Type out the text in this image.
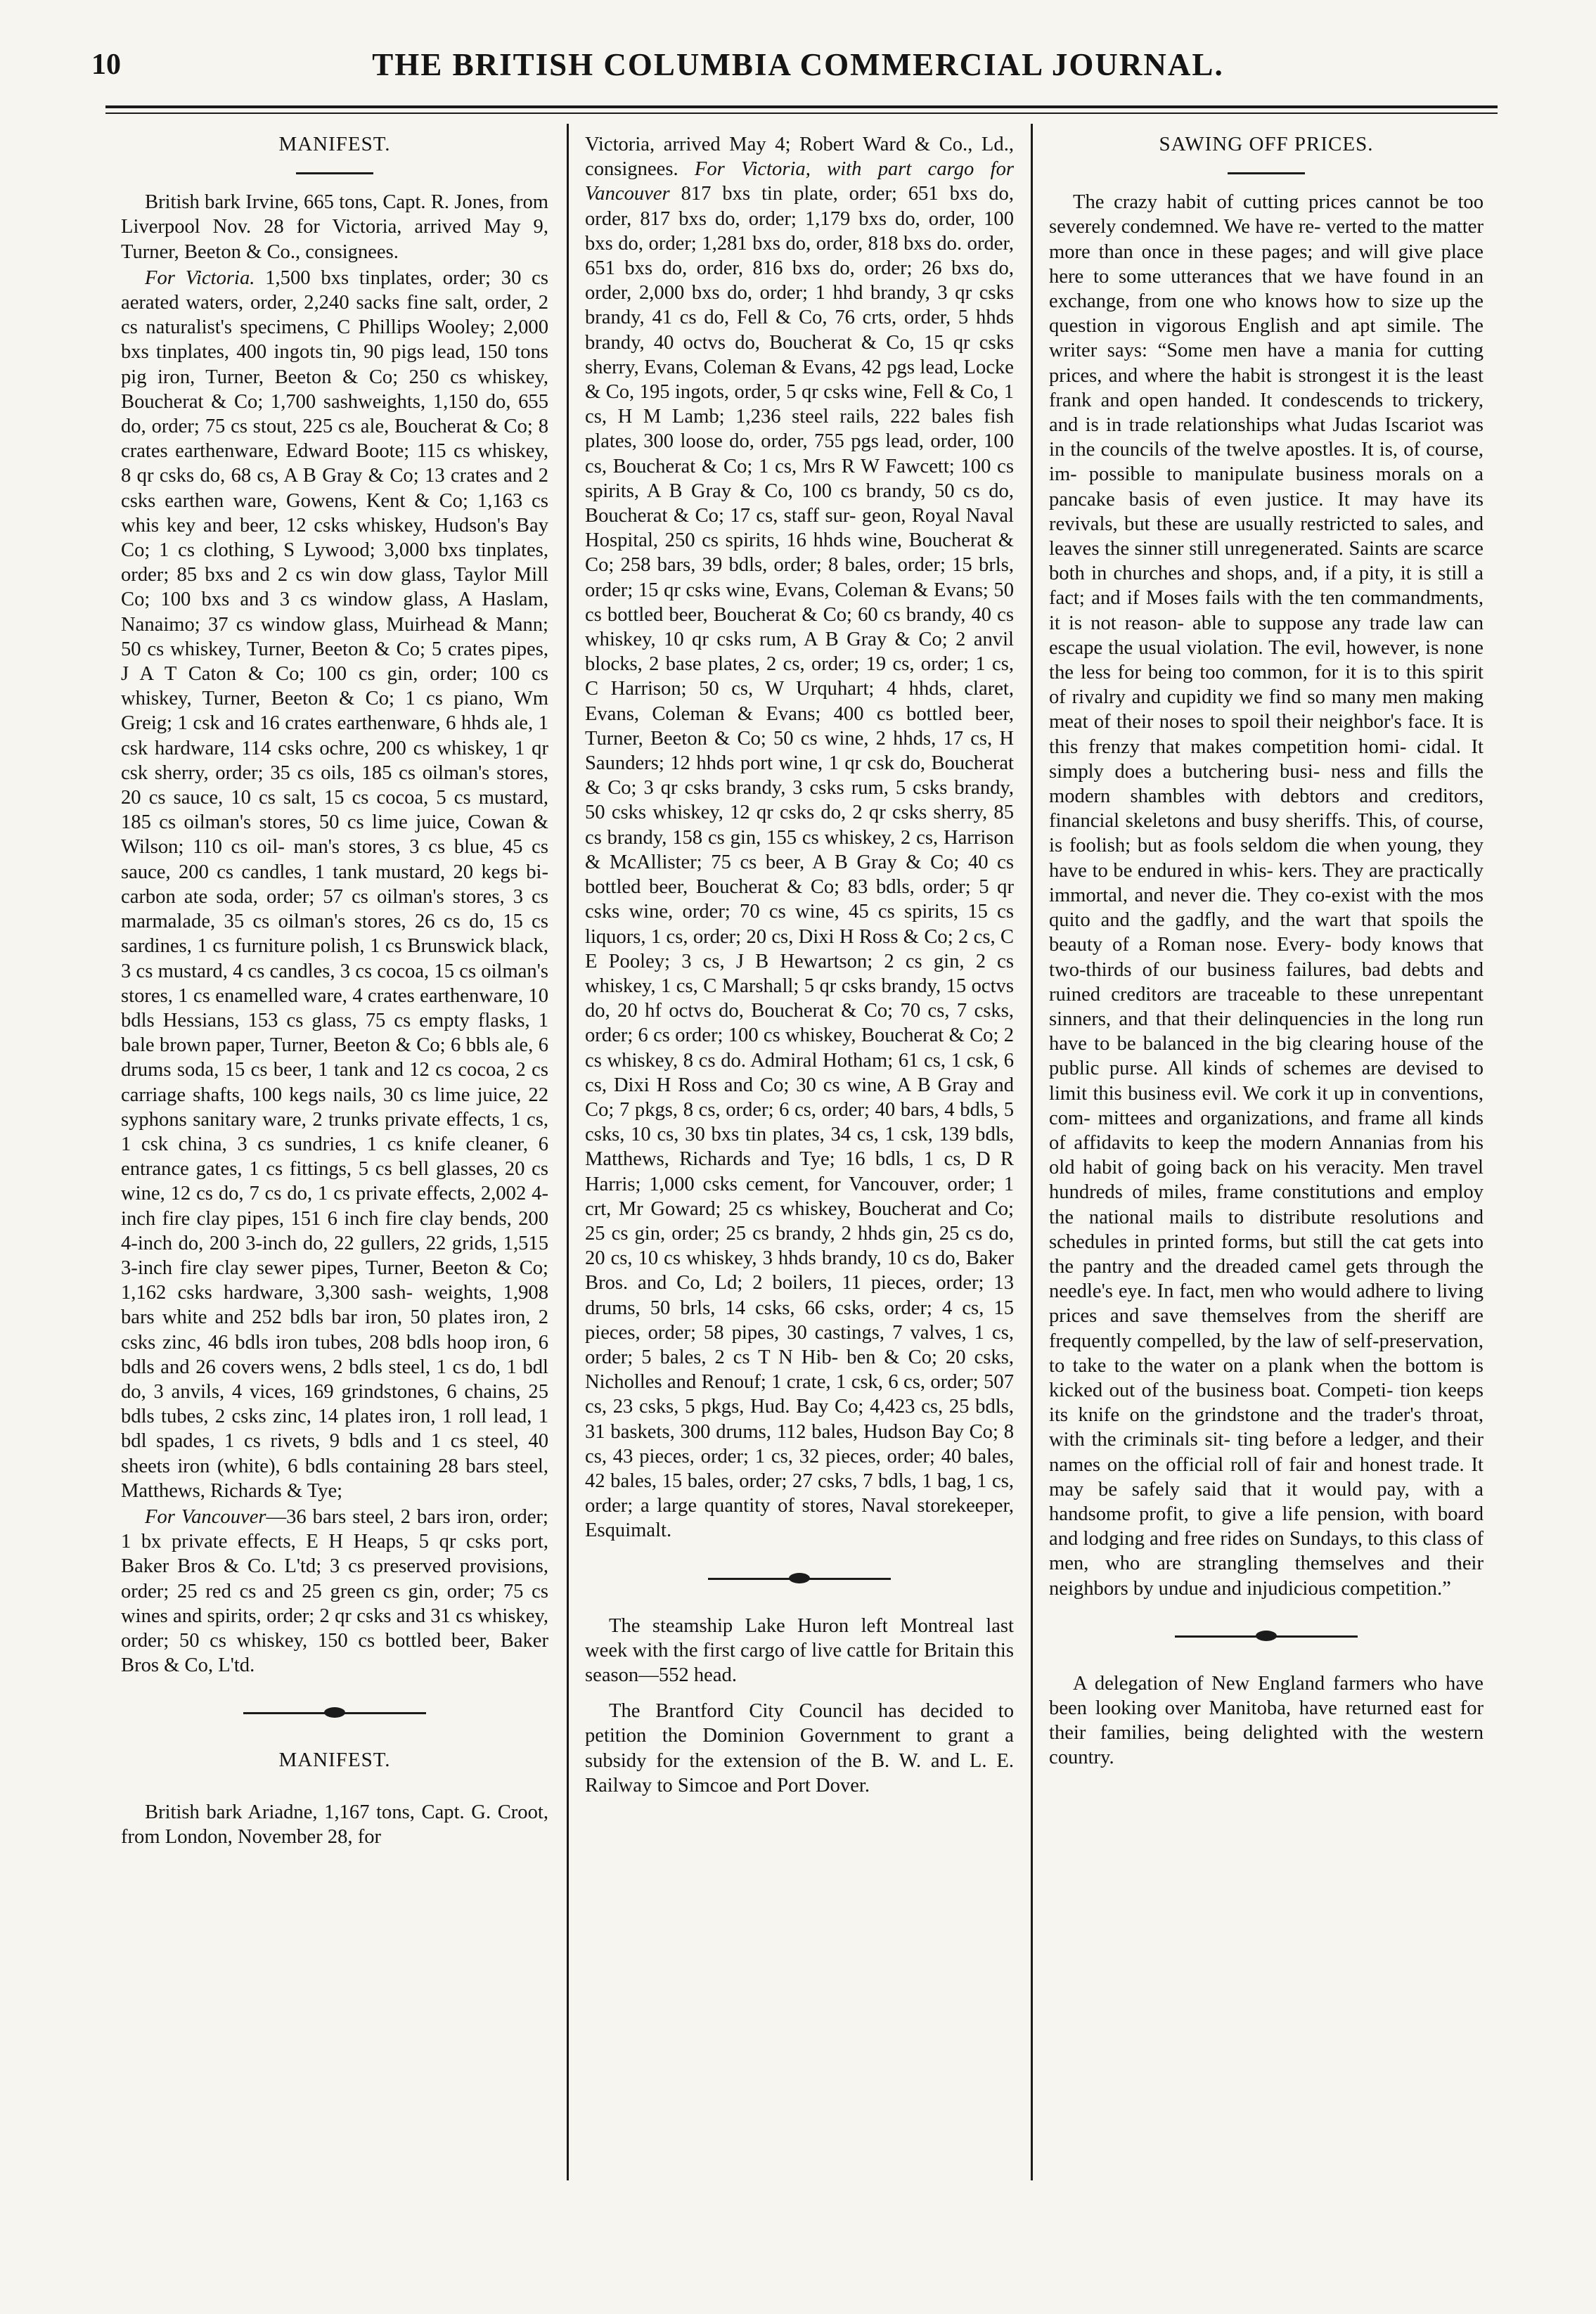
10	THE BRITISH COLUMBIA COMMERCIAL JOURNAL.
MANIFEST.

British bark Irvine, 665 tons, Capt. R. Jones, from Liverpool Nov. 28 for Victoria, arrived May 9, Turner, Beeton & Co., consignees.

For Victoria. 1,500 bxs tinplates, order; 30 cs aerated waters, order, 2,240 sacks fine salt, order, 2 cs naturalist's specimens, C Phillips Wooley; 2,000 bxs tinplates, 400 ingots tin, 90 pigs lead, 150 tons pig iron, Turner, Beeton & Co; 250 cs whiskey, Boucherat & Co; 1,700 sashweights, 1,150 do, 655 do, order; 75 cs stout, 225 cs ale, Boucherat & Co; 8 crates earthenware, Edward Boote; 115 cs whiskey, 8 qr csks do, 68 cs, A B Gray & Co; 13 crates and 2 csks earthen ware, Gowens, Kent & Co; 1,163 cs whis key and beer, 12 csks whiskey, Hudson's Bay Co; 1 cs clothing, S Lywood; 3,000 bxs tinplates, order; 85 bxs and 2 cs win dow glass, Taylor Mill Co; 100 bxs and 3 cs window glass, A Haslam, Nanaimo; 37 cs window glass, Muirhead & Mann; 50 cs whiskey, Turner, Beeton & Co; 5 crates pipes, J A T Caton & Co; 100 cs gin, order; 100 cs whiskey, Turner, Beeton & Co; 1 cs piano, Wm Greig; 1 csk and 16 crates earthenware, 6 hhds ale, 1 csk hardware, 114 csks ochre, 200 cs whiskey, 1 qr csk sherry, order; 35 cs oils, 185 cs oilman's stores, 20 cs sauce, 10 cs salt, 15 cs cocoa, 5 cs mustard, 185 cs oilman's stores, 50 cs lime juice, Cowan & Wilson; 110 cs oil- man's stores, 3 cs blue, 45 cs sauce, 200 cs candles, 1 tank mustard, 20 kegs bi-carbon ate soda, order; 57 cs oilman's stores, 3 cs marmalade, 35 cs oilman's stores, 26 cs do, 15 cs sardines, 1 cs furniture polish, 1 cs Brunswick black, 3 cs mustard, 4 cs candles, 3 cs cocoa, 15 cs oilman's stores, 1 cs enamelled ware, 4 crates earthenware, 10 bdls Hessians, 153 cs glass, 75 cs empty flasks, 1 bale brown paper, Turner, Beeton & Co; 6 bbls ale, 6 drums soda, 15 cs beer, 1 tank and 12 cs cocoa, 2 cs carriage shafts, 100 kegs nails, 30 cs lime juice, 22 syphons sanitary ware, 2 trunks private effects, 1 cs, 1 csk china, 3 cs sundries, 1 cs knife cleaner, 6 entrance gates, 1 cs fittings, 5 cs bell glasses, 20 cs wine, 12 cs do, 7 cs do, 1 cs private effects, 2,002 4-inch fire clay pipes, 151 6 inch fire clay bends, 200 4-inch do, 200 3-inch do, 22 gullers, 22 grids, 1,515 3-inch fire clay sewer pipes, Turner, Beeton & Co; 1,162 csks hardware, 3,300 sash- weights, 1,908 bars white and 252 bdls bar iron, 50 plates iron, 2 csks zinc, 46 bdls iron tubes, 208 bdls hoop iron, 6 bdls and 26 covers wens, 2 bdls steel, 1 cs do, 1 bdl do, 3 anvils, 4 vices, 169 grindstones, 6 chains, 25 bdls tubes, 2 csks zinc, 14 plates iron, 1 roll lead, 1 bdl spades, 1 cs rivets, 9 bdls and 1 cs steel, 40 sheets iron (white), 6 bdls containing 28 bars steel, Matthews, Richards & Tye;

For Vancouver—36 bars steel, 2 bars iron, order; 1 bx private effects, E H Heaps, 5 qr csks port, Baker Bros & Co. L'td; 3 cs preserved provisions, order; 25 red cs and 25 green cs gin, order; 75 cs wines and spirits, order; 2 qr csks and 31 cs whiskey, order; 50 cs whiskey, 150 cs bottled beer, Baker Bros & Co, L'td.

MANIFEST.

British bark Ariadne, 1,167 tons, Capt. G. Croot, from London, November 28, for

Victoria, arrived May 4; Robert Ward & Co., Ld., consignees. For Victoria, with part cargo for Vancouver 817 bxs tin plate, order; 651 bxs do, order, 817 bxs do, order; 1,179 bxs do, order, 100 bxs do, order; 1,281 bxs do, order, 818 bxs do. order, 651 bxs do, order, 816 bxs do, order; 26 bxs do, order, 2,000 bxs do, order; 1 hhd brandy, 3 qr csks brandy, 41 cs do, Fell & Co, 76 crts, order, 5 hhds brandy, 40 octvs do, Boucherat & Co, 15 qr csks sherry, Evans, Coleman & Evans, 42 pgs lead, Locke & Co, 195 ingots, order, 5 qr csks wine, Fell & Co, 1 cs, H M Lamb; 1,236 steel rails, 222 bales fish plates, 300 loose do, order, 755 pgs lead, order, 100 cs, Boucherat & Co; 1 cs, Mrs R W Fawcett; 100 cs spirits, A B Gray & Co, 100 cs brandy, 50 cs do, Boucherat & Co; 17 cs, staff sur- geon, Royal Naval Hospital, 250 cs spirits, 16 hhds wine, Boucherat & Co; 258 bars, 39 bdls, order; 8 bales, order; 15 brls, order; 15 qr csks wine, Evans, Coleman & Evans; 50 cs bottled beer, Boucherat & Co; 60 cs brandy, 40 cs whiskey, 10 qr csks rum, A B Gray & Co; 2 anvil blocks, 2 base plates, 2 cs, order; 19 cs, order; 1 cs, C Harrison; 50 cs, W Urquhart; 4 hhds, claret, Evans, Coleman & Evans; 400 cs bottled beer, Turner, Beeton & Co; 50 cs wine, 2 hhds, 17 cs, H Saunders; 12 hhds port wine, 1 qr csk do, Boucherat & Co; 3 qr csks brandy, 3 csks rum, 5 csks brandy, 50 csks whiskey, 12 qr csks do, 2 qr csks sherry, 85 cs brandy, 158 cs gin, 155 cs whiskey, 2 cs, Harrison & McAllister; 75 cs beer, A B Gray & Co; 40 cs bottled beer, Boucherat & Co; 83 bdls, order; 5 qr csks wine, order; 70 cs wine, 45 cs spirits, 15 cs liquors, 1 cs, order; 20 cs, Dixi H Ross & Co; 2 cs, C E Pooley; 3 cs, J B Hewartson; 2 cs gin, 2 cs whiskey, 1 cs, C Marshall; 5 qr csks brandy, 15 octvs do, 20 hf octvs do, Boucherat & Co; 70 cs, 7 csks, order; 6 cs order; 100 cs whiskey, Boucherat & Co; 2 cs whiskey, 8 cs do. Admiral Hotham; 61 cs, 1 csk, 6 cs, Dixi H Ross and Co; 30 cs wine, A B Gray and Co; 7 pkgs, 8 cs, order; 6 cs, order; 40 bars, 4 bdls, 5 csks, 10 cs, 30 bxs tin plates, 34 cs, 1 csk, 139 bdls, Matthews, Richards and Tye; 16 bdls, 1 cs, D R Harris; 1,000 csks cement, for Vancouver, order; 1 crt, Mr Goward; 25 cs whiskey, Boucherat and Co; 25 cs gin, order; 25 cs brandy, 2 hhds gin, 25 cs do, 20 cs, 10 cs whiskey, 3 hhds brandy, 10 cs do, Baker Bros. and Co, Ld; 2 boilers, 11 pieces, order; 13 drums, 50 brls, 14 csks, 66 csks, order; 4 cs, 15 pieces, order; 58 pipes, 30 castings, 7 valves, 1 cs, order; 5 bales, 2 cs T N Hib- ben & Co; 20 csks, Nicholles and Renouf; 1 crate, 1 csk, 6 cs, order; 507 cs, 23 csks, 5 pkgs, Hud. Bay Co; 4,423 cs, 25 bdls, 31 baskets, 300 drums, 112 bales, Hudson Bay Co; 8 cs, 43 pieces, order; 1 cs, 32 pieces, order; 40 bales, 42 bales, 15 bales, order; 27 csks, 7 bdls, 1 bag, 1 cs, order; a large quantity of stores, Naval storekeeper, Esquimalt.

The steamship Lake Huron left Montreal last week with the first cargo of live cattle for Britain this season—552 head.

The Brantford City Council has decided to petition the Dominion Government to grant a subsidy for the extension of the B. W. and L. E. Railway to Simcoe and Port Dover.

SAWING OFF PRICES.

The crazy habit of cutting prices cannot be too severely condemned. We have re- verted to the matter more than once in these pages; and will give place here to some utterances that we have found in an exchange, from one who knows how to size up the question in vigorous English and apt simile. The writer says: “Some men have a mania for cutting prices, and where the habit is strongest it is the least frank and open handed. It condescends to trickery, and is in trade relationships what Judas Iscariot was in the councils of the twelve apostles. It is, of course, im- possible to manipulate business morals on a pancake basis of even justice. It may have its revivals, but these are usually restricted to sales, and leaves the sinner still unregenerated. Saints are scarce both in churches and shops, and, if a pity, it is still a fact; and if Moses fails with the ten commandments, it is not reason- able to suppose any trade law can escape the usual violation. The evil, however, is none the less for being too common, for it is to this spirit of rivalry and cupidity we find so many men making meat of their noses to spoil their neighbor's face. It is this frenzy that makes competition homi- cidal. It simply does a butchering busi- ness and fills the modern shambles with debtors and creditors, financial skeletons and busy sheriffs. This, of course, is foolish; but as fools seldom die when young, they have to be endured in whis- kers. They are practically immortal, and never die. They co-exist with the mos quito and the gadfly, and the wart that spoils the beauty of a Roman nose. Every- body knows that two-thirds of our business failures, bad debts and ruined creditors are traceable to these unrepentant sinners, and that their delinquencies in the long run have to be balanced in the big clearing house of the public purse. All kinds of schemes are devised to limit this business evil. We cork it up in conventions, com- mittees and organizations, and frame all kinds of affidavits to keep the modern Annanias from his old habit of going back on his veracity. Men travel hundreds of miles, frame constitutions and employ the national mails to distribute resolutions and schedules in printed forms, but still the cat gets into the pantry and the dreaded camel gets through the needle's eye. In fact, men who would adhere to living prices and save themselves from the sheriff are frequently compelled, by the law of self-preservation, to take to the water on a plank when the bottom is kicked out of the business boat. Competi- tion keeps its knife on the grindstone and the trader's throat, with the criminals sit- ting before a ledger, and their names on the official roll of fair and honest trade. It may be safely said that it would pay, with a handsome profit, to give a life pension, with board and lodging and free rides on Sundays, to this class of men, who are strangling themselves and their neighbors by undue and injudicious competition.”

A delegation of New England farmers who have been looking over Manitoba, have returned east for their families, being delighted with the western country.
